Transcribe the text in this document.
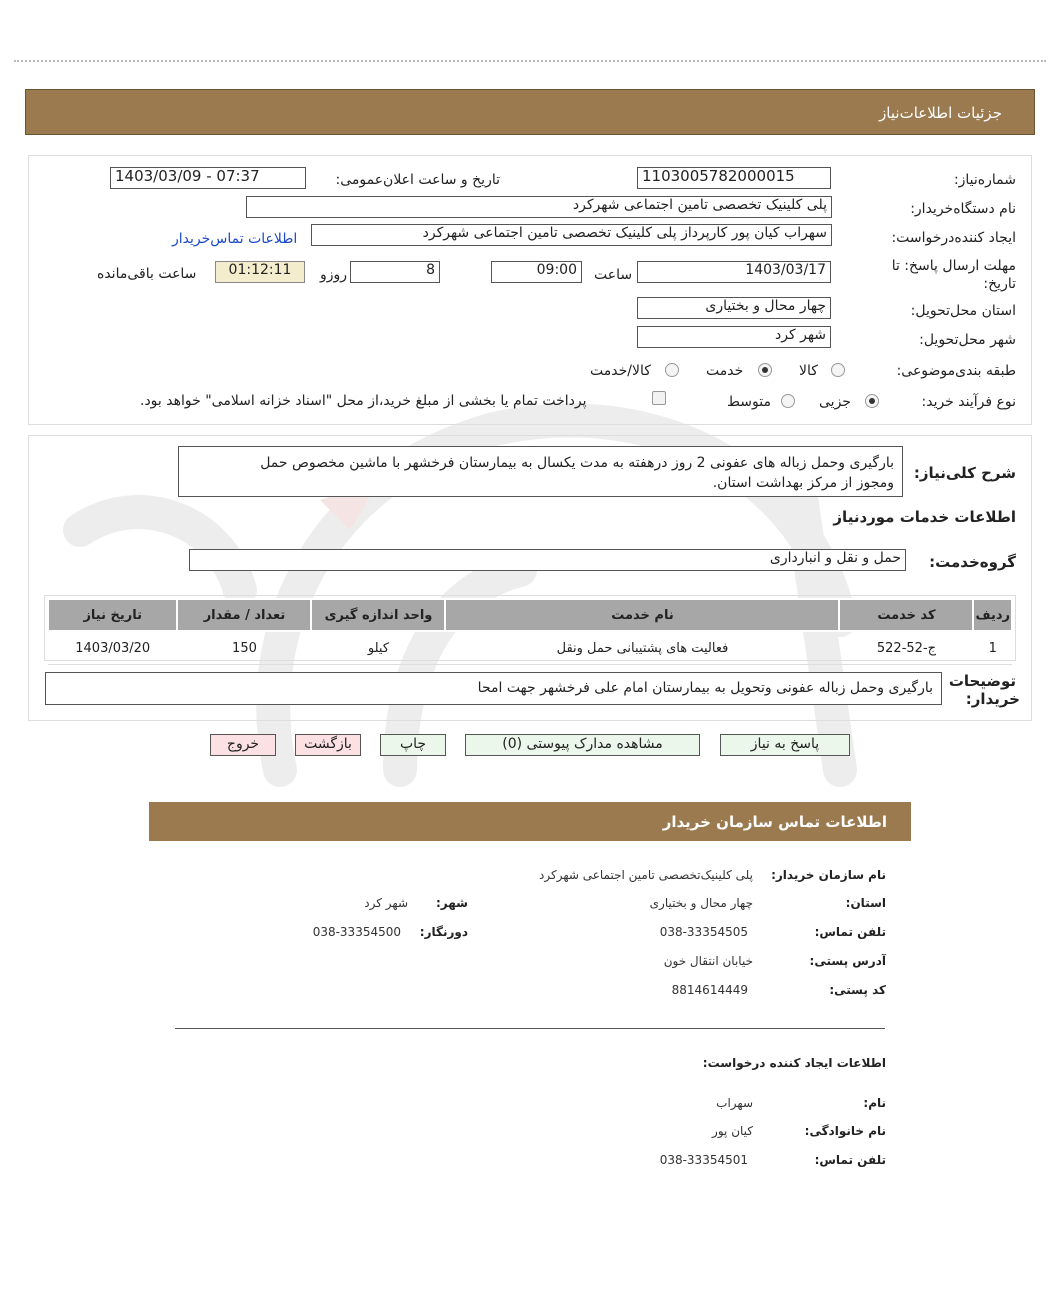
جزئیات اطلاعات‌نیاز
شماره‌نیاز:
1103005782000015
تاریخ و ساعت اعلان‌عمومی:
1403/03/09 - 07:37
نام دستگاه‌خریدار:
پلی کلینیک تخصصی تامین اجتماعی شهرکرد
ایجاد کننده‌درخواست:
سهراب کیان پور کارپرداز پلی کلینیک تخصصی تامین اجتماعی شهرکرد
اطلاعات تماس‌خریدار
مهلت ارسال پاسخ: تا
تاریخ:
1403/03/17
ساعت
09:00
8
روزو
01:12:11
ساعت باقی‌مانده
استان محل‌تحویل:
چهار محال و بختیاری
شهر محل‌تحویل:
شهر کرد
طبقه بندی‌موضوعی:
کالا
خدمت
کالا/خدمت
نوع فرآیند خرید:
جزیی
متوسط
پرداخت تمام یا بخشی از مبلغ خرید،از محل "اسناد خزانه اسلامی" خواهد بود.
شرح کلی‌نیاز:
بارگیری وحمل زباله های عفونی 2 روز درهفته به مدت یکسال به بیمارستان فرخشهر با ماشین مخصوص حمل
ومجوز از مرکز بهداشت استان.
اطلاعات خدمات موردنیاز
گروه‌خدمت:
حمل و نقل و انبارداری
ردیف	کد خدمت	نام خدمت	واحد اندازه گیری	تعداد / مقدار	تاریخ نیاز
1	ج-52-522	فعالیت های پشتیبانی حمل ونقل	کیلو	150	1403/03/20
توضیحات
خریدار:
بارگیری وحمل زباله عفونی وتحویل به بیمارستان امام علی فرخشهر جهت امحا
پاسخ به نیاز
مشاهده مدارک پیوستی (0)
چاپ
بازگشت
خروج
اطلاعات تماس سازمان خریدار
نام سازمان خریدار:
پلی کلینیک‌تخصصی تامین اجتماعی شهرکرد
استان:
چهار محال و بختیاری
شهر:
شهر کرد
تلفن تماس:
038-33354505
دورنگار:
038-33354500
آدرس پستی:
خیابان انتقال خون
کد پستی:
8814614449
اطلاعات ایجاد کننده درخواست:
نام:
سهراب
نام خانوادگی:
کیان پور
تلفن تماس:
038-33354501
